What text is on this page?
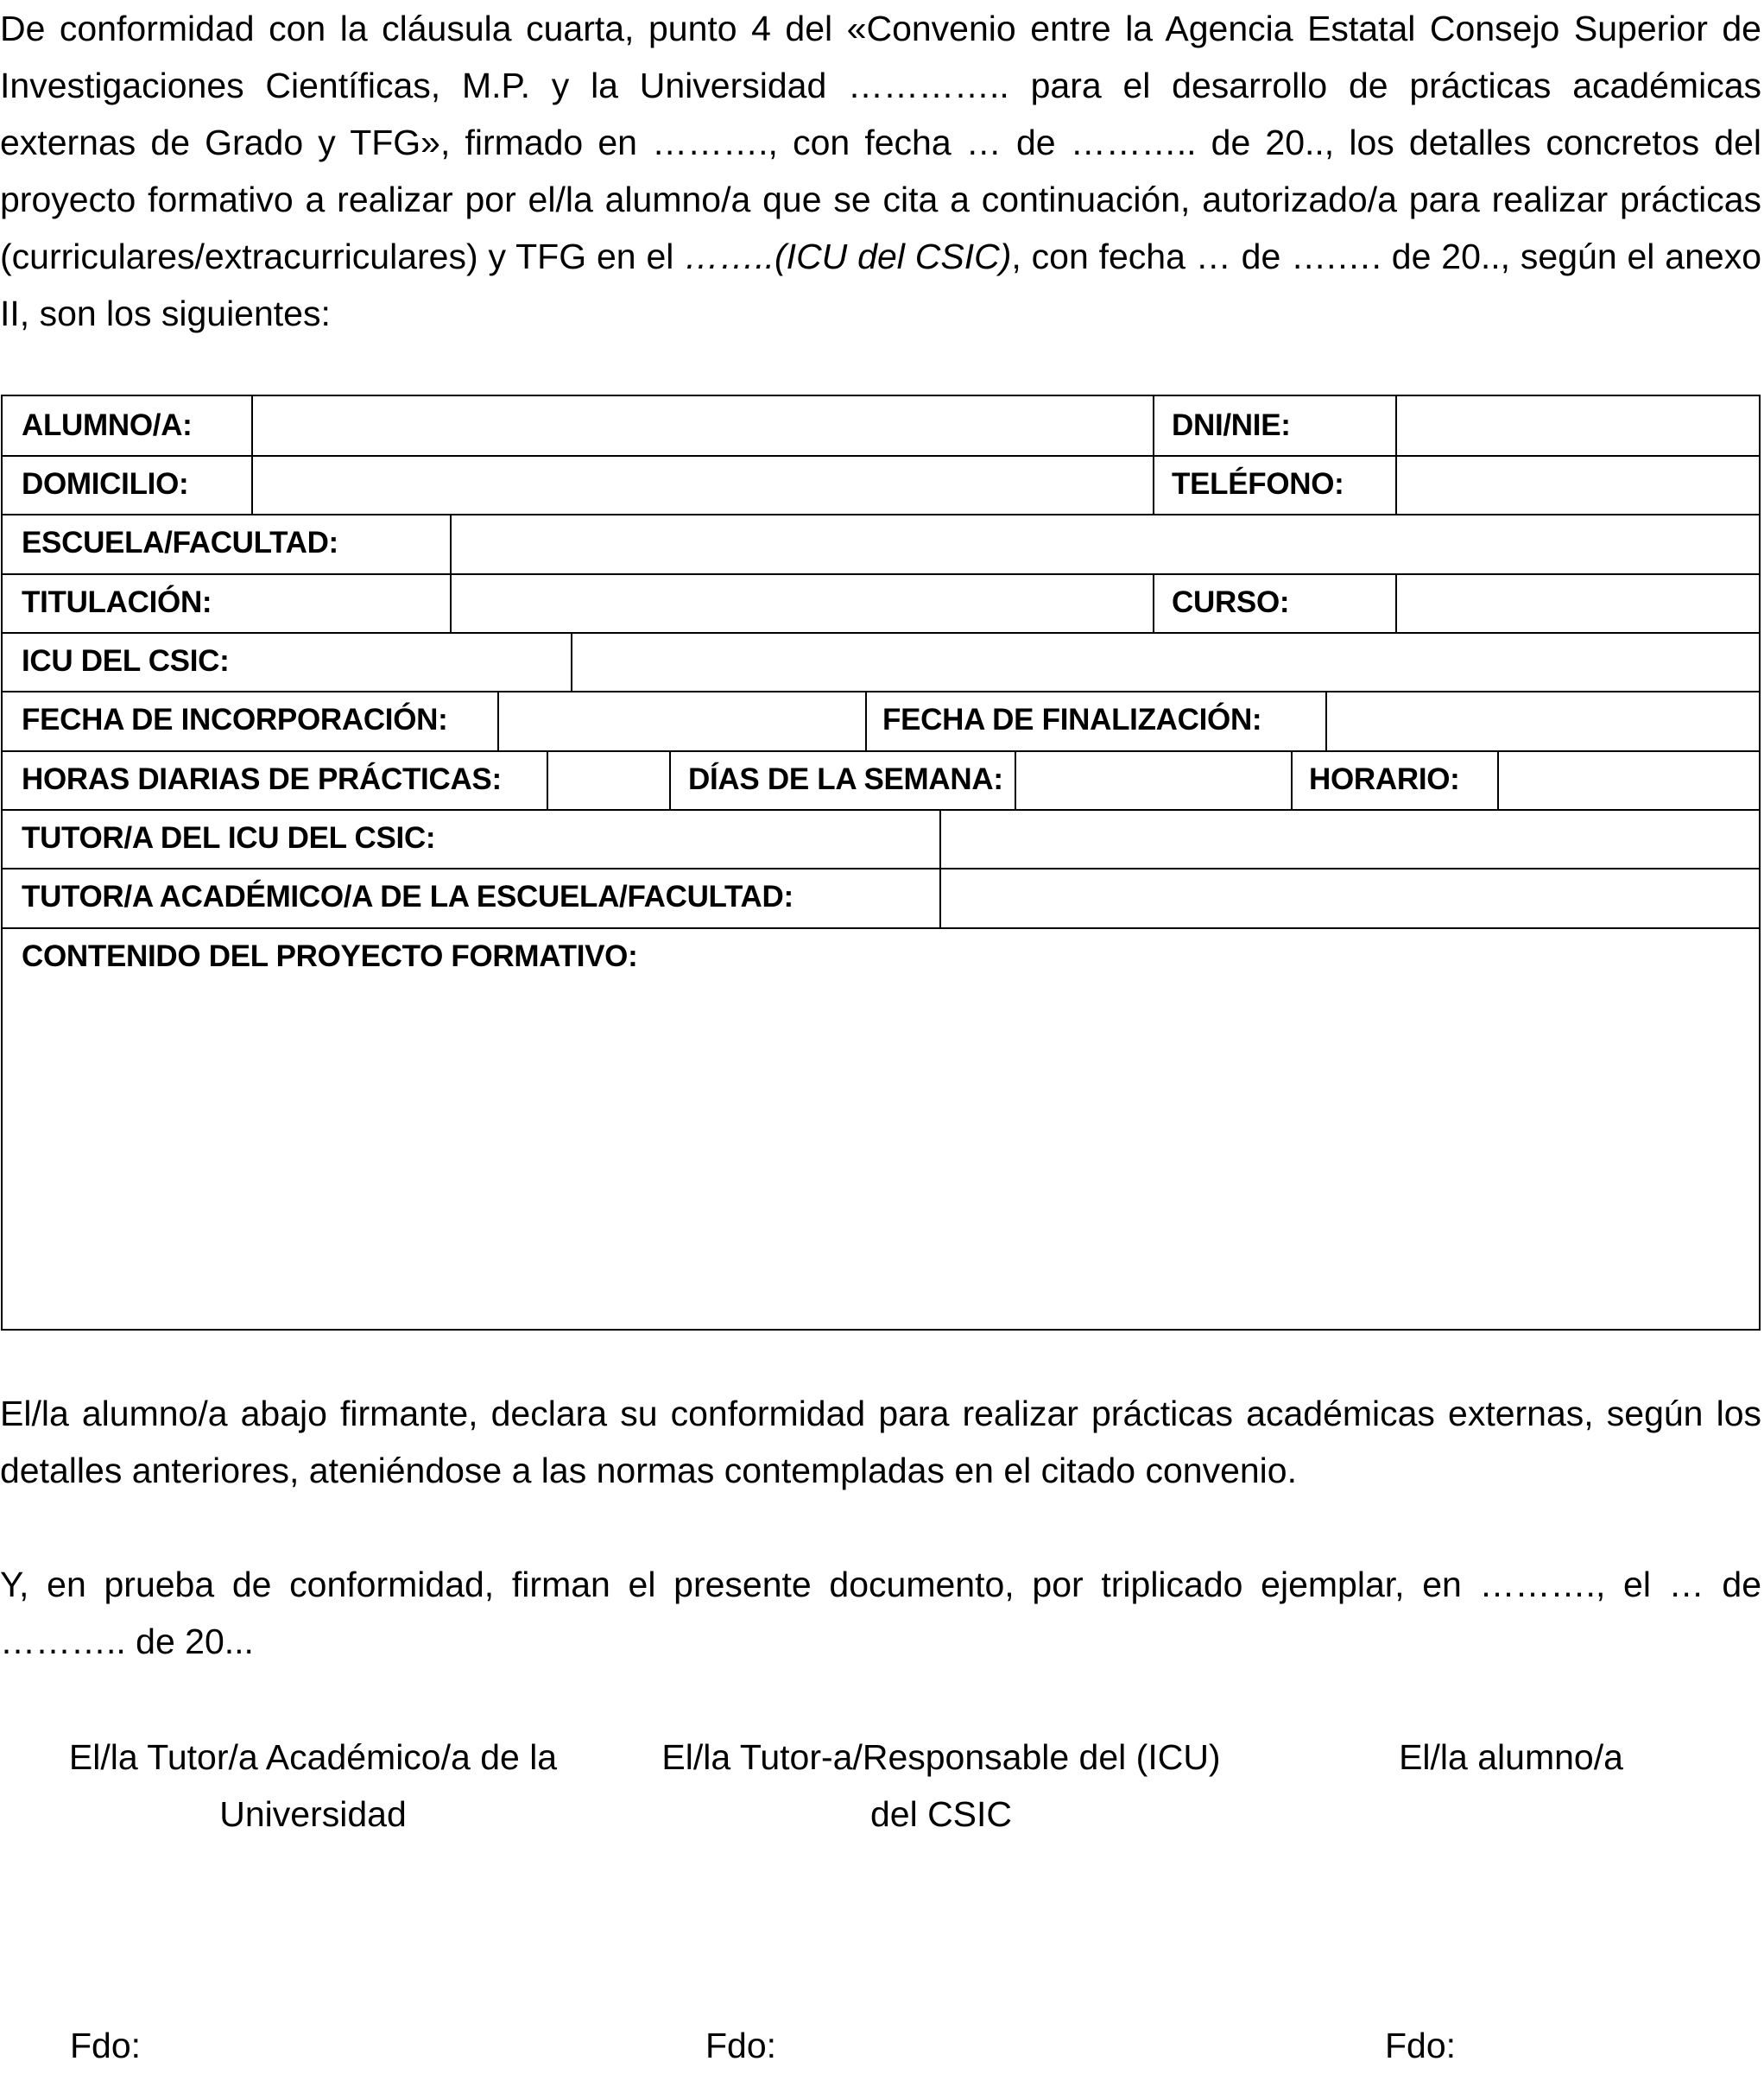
De conformidad con la cláusula cuarta, punto 4 del «Convenio entre la Agencia Estatal Consejo Superior de Investigaciones Científicas, M.P. y la Universidad ………….. para el desarrollo de prácticas académicas externas de Grado y TFG», firmado en ………., con fecha … de ……….. de 20.., los detalles concretos del proyecto formativo a realizar por el/la alumno/a que se cita a continuación, autorizado/a para realizar prácticas (curriculares/extracurriculares) y TFG en el ……..(ICU del CSIC), con fecha … de ….…. de 20.., según el anexo II, son los siguientes:

ALUMNO/A:	DNI/NIE:
DOMICILIO:	TELÉFONO:
ESCUELA/FACULTAD:
TITULACIÓN:	CURSO:
ICU DEL CSIC:
FECHA DE INCORPORACIÓN:	FECHA DE FINALIZACIÓN:
HORAS DIARIAS DE PRÁCTICAS:	DÍAS DE LA SEMANA:	HORARIO:
TUTOR/A DEL ICU DEL CSIC:
TUTOR/A ACADÉMICO/A DE LA ESCUELA/FACULTAD:
CONTENIDO DEL PROYECTO FORMATIVO:

El/la alumno/a abajo firmante, declara su conformidad para realizar prácticas académicas externas, según los detalles anteriores, ateniéndose a las normas contempladas en el citado convenio.

Y, en prueba de conformidad, firman el presente documento, por triplicado ejemplar, en ………., el … de ……….. de 20...

El/la Tutor/a Académico/a de la
Universidad
El/la Tutor-a/Responsable del (ICU)
del CSIC
El/la alumno/a
Fdo:	Fdo:	Fdo:
